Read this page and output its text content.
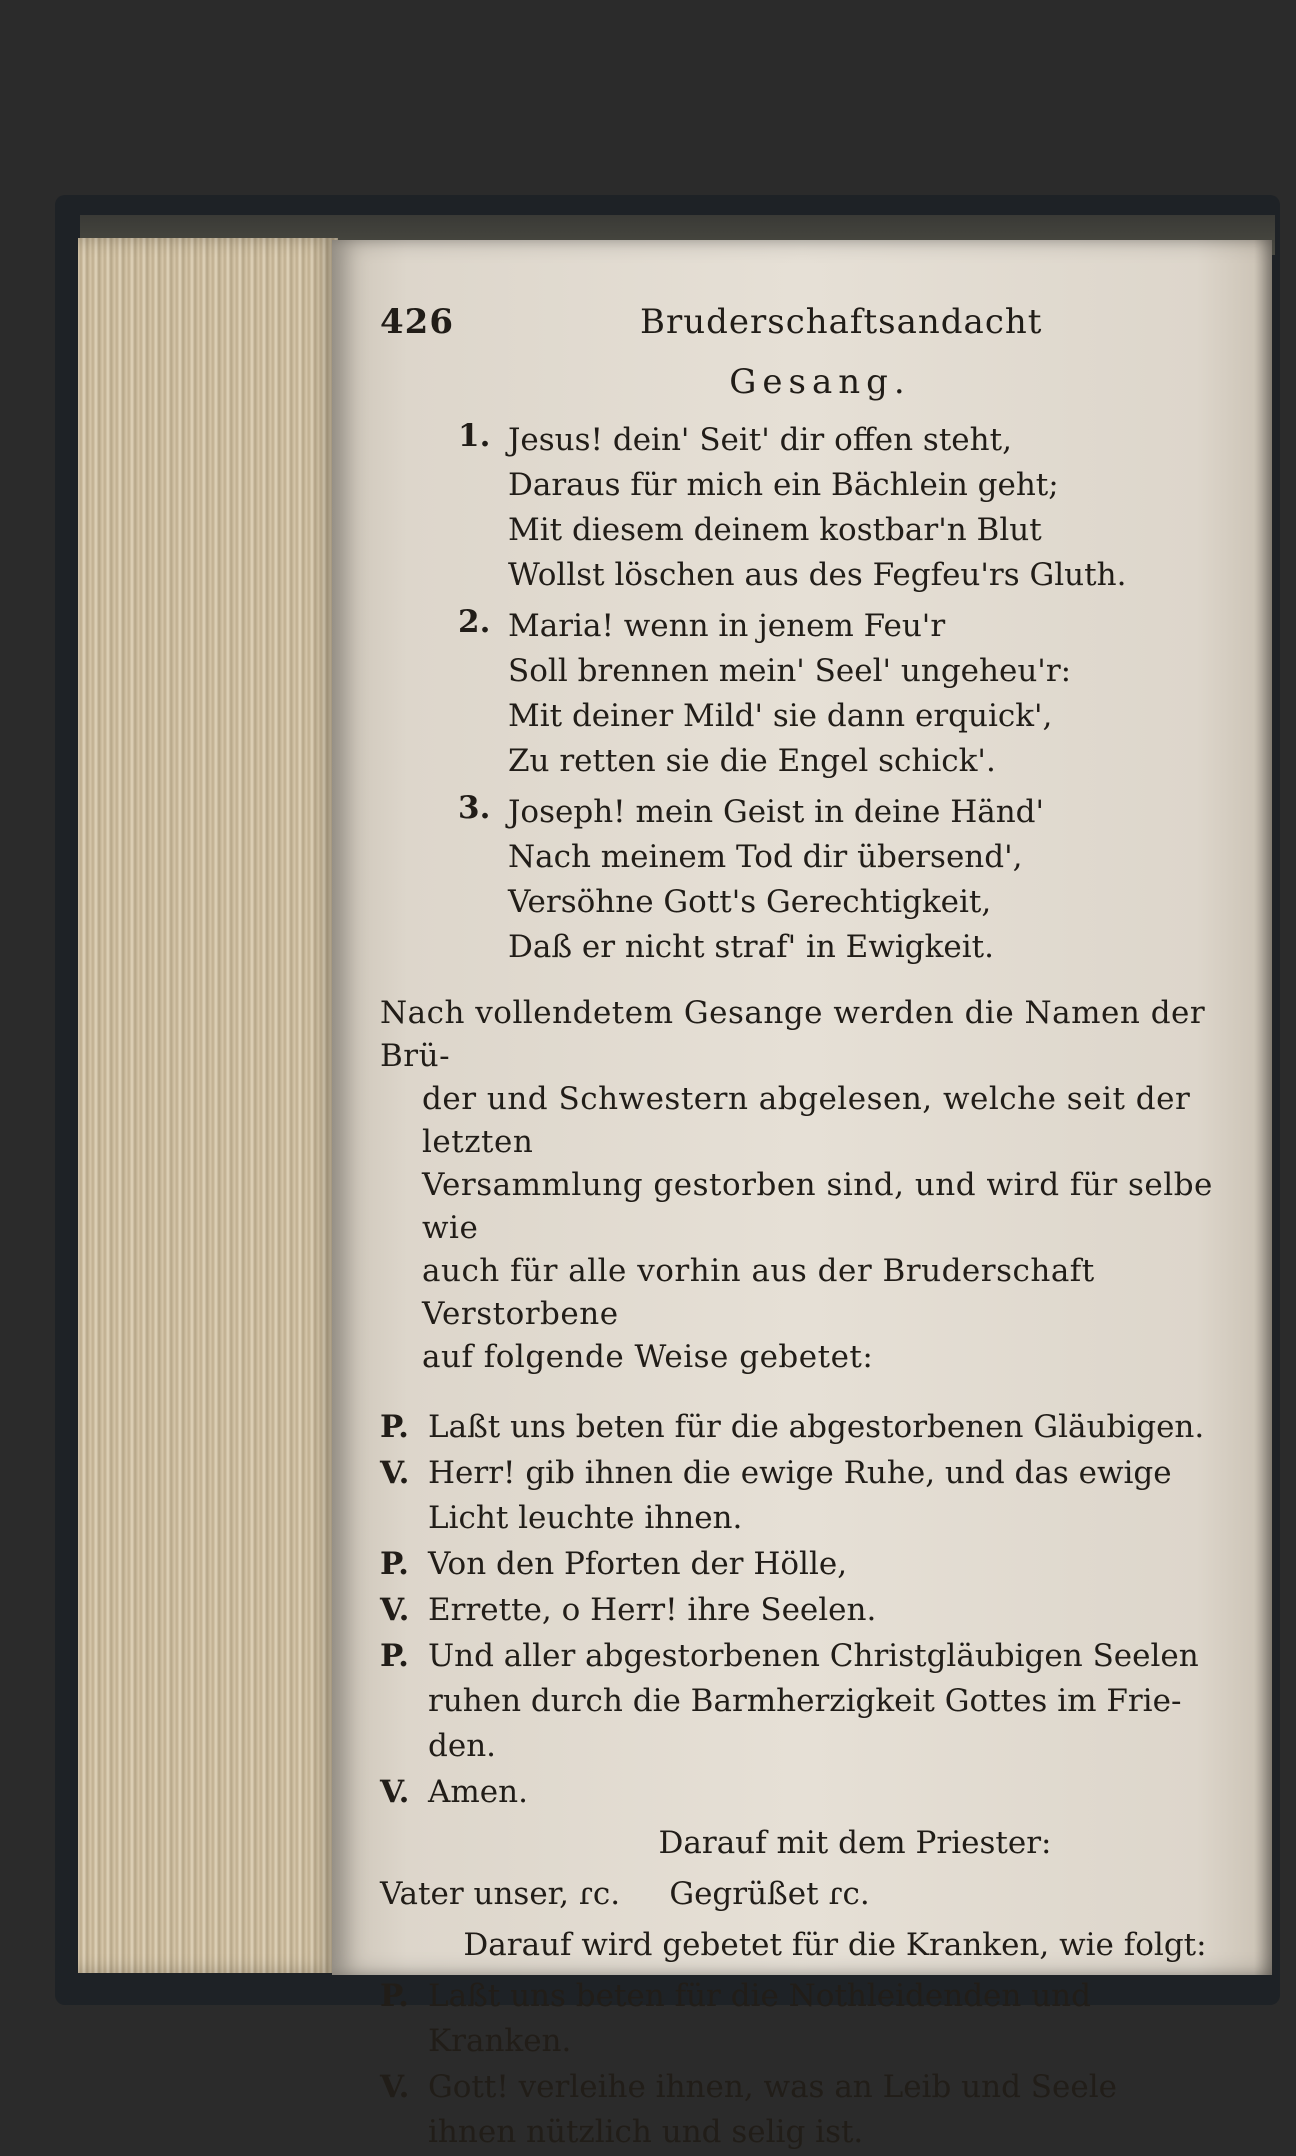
426	Bruderschaftsandacht
Gesang.
1. Jesus! dein' Seit' dir offen steht,
Daraus für mich ein Bächlein geht;
Mit diesem deinem kostbar'n Blut
Wollst löschen aus des Fegfeu'rs Gluth.
2. Maria! wenn in jenem Feu'r
Soll brennen mein' Seel' ungeheu'r:
Mit deiner Mild' sie dann erquick',
Zu retten sie die Engel schick'.
3. Joseph! mein Geist in deine Händ'
Nach meinem Tod dir übersend',
Versöhne Gott's Gerechtigkeit,
Daß er nicht straf' in Ewigkeit.
Nach vollendetem Gesange werden die Namen der Brü-
der und Schwestern abgelesen, welche seit der letzten
Versammlung gestorben sind, und wird für selbe wie
auch für alle vorhin aus der Bruderschaft Verstorbene
auf folgende Weise gebetet:
P. Laßt uns beten für die abgestorbenen Gläubigen.
V. Herr! gib ihnen die ewige Ruhe, und das ewige
Licht leuchte ihnen.
P. Von den Pforten der Hölle,
V. Errette, o Herr! ihre Seelen.
P. Und aller abgestorbenen Christgläubigen Seelen
ruhen durch die Barmherzigkeit Gottes im Frie-
den.
V. Amen.
Darauf mit dem Priester:
Vater unser, ɾc.     Gegrüßet ɾc.
Darauf wird gebetet für die Kranken, wie folgt:
P. Laßt uns beten für die Nothleidenden und
Kranken.
V. Gott! verleihe ihnen, was an Leib und Seele
ihnen nützlich und selig ist.
